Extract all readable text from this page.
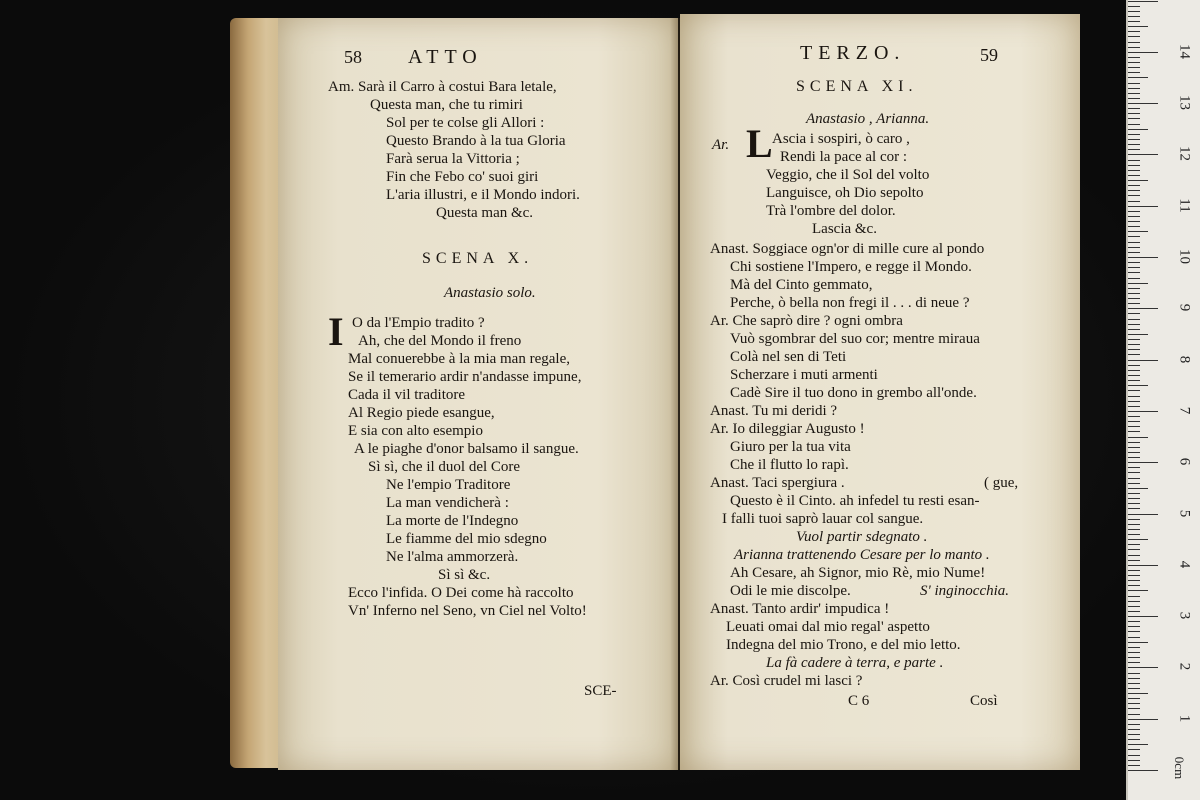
1
2
3
4
5
6
7
8
9
10
11
12
13
14
0cm
58 ATTO
Am. Sarà il Carro à costui Bara letale,
Questa man, che tu rimiri
Sol per te colse gli Allori :
Questo Brando à la tua Gloria
Farà serua la Vittoria ;
Fin che Febo co' suoi giri
L'aria illustri, e il Mondo indori.
Questa man &c.
SCENA X.
Anastasio solo.
I O da l'Empio tradito ?
Ah, che del Mondo il freno
Mal conuerebbe à la mia man regale,
Se il temerario ardir n'andasse impune,
Cada il vil traditore
Al Regio piede esangue,
E sia con alto esempio
A le piaghe d'onor balsamo il sangue.
Sì sì, che il duol del Core
Ne l'empio Traditore
La man vendicherà :
La morte de l'Indegno
Le fiamme del mio sdegno
Ne l'alma ammorzerà.
Sì sì &c.
Ecco l'infida. O Dei come hà raccolto
Vn' Inferno nel Seno, vn Ciel nel Volto!
SCE-
TERZO.	59
SCENA XI.
Anastasio , Arianna.
Ar. L Ascia i sospiri, ò caro ,
Rendi la pace al cor :
Veggio, che il Sol del volto
Languisce, oh Dio sepolto
Trà l'ombre del dolor.
Lascia &c.
Anast. Soggiace ogn'or di mille cure al pondo
Chi sostiene l'Impero, e regge il Mondo.
Mà del Cinto gemmato,
Perche, ò bella non fregi il . . . di neue ?
Ar. Che saprò dire ? ogni ombra
Vuò sgombrar del suo cor; mentre miraua
Colà nel sen di Teti
Scherzare i muti armenti
Cadè Sire il tuo dono in grembo all'onde.
Anast. Tu mi deridi ?
Ar. Io dileggiar Augusto !
Giuro per la tua vita
Che il flutto lo rapì.
Anast. Taci spergiura .	( gue,
Questo è il Cinto. ah infedel tu resti esan-
I falli tuoi saprò lauar col sangue.
Vuol partir sdegnato .
Arianna trattenendo Cesare per lo manto .
Ah Cesare, ah Signor, mio Rè, mio Nume!
Odi le mie discolpe.	S' inginocchia.
Anast. Tanto ardir' impudica !
Leuati omai dal mio regal' aspetto
Indegna del mio Trono, e del mio letto.
La fà cadere à terra, e parte .
Ar. Così crudel mi lasci ?
C 6	Così
